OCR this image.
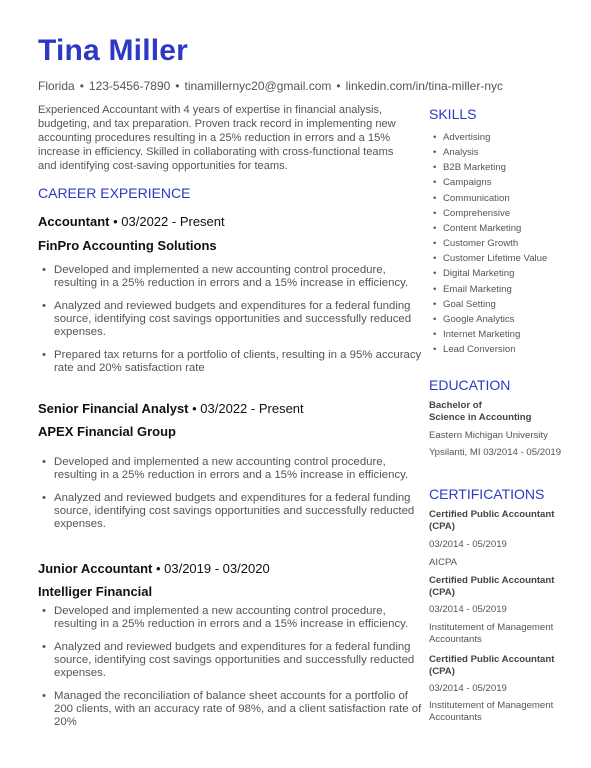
Tina Miller
Florida • 123-5456-7890 • tinamillernyc20@gmail.com • linkedin.com/in/tina-miller-nyc
Experienced Accountant with 4 years of expertise in financial analysis, budgeting, and tax preparation. Proven track record in implementing new accounting procedures resulting in a 25% reduction in errors and a 15% increase in efficiency. Skilled in collaborating with cross-functional teams and identifying cost-saving opportunities for teams.
CAREER EXPERIENCE
Accountant • 03/2022 - Present
FinPro Accounting Solutions
• Developed and implemented a new accounting control procedure, resulting in a 25% reduction in errors and a 15% increase in efficiency.
• Analyzed and reviewed budgets and expenditures for a federal funding source, identifying cost savings opportunities and successfully reduced expenses.
• Prepared tax returns for a portfolio of clients, resulting in a 95% accuracy rate and 20% satisfaction rate
Senior Financial Analyst • 03/2022 - Present
APEX Financial Group
• Developed and implemented a new accounting control procedure, resulting in a 25% reduction in errors and a 15% increase in efficiency.
• Analyzed and reviewed budgets and expenditures for a federal funding source, identifying cost savings opportunities and successfully reducted expenses.
Junior Accountant • 03/2019 - 03/2020
Intelliger Financial
• Developed and implemented a new accounting control procedure, resulting in a 25% reduction in errors and a 15% increase in efficiency.
• Analyzed and reviewed budgets and expenditures for a federal funding source, identifying cost savings opportunities and successfully reducted expenses.
• Managed the reconciliation of balance sheet accounts for a portfolio of 200 clients, with an accuracy rate of 98%, and a client satisfaction rate of 20%
SKILLS
• Advertising
• Analysis
• B2B Marketing
• Campaigns
• Communication
• Comprehensive
• Content Marketing
• Customer Growth
• Customer Lifetime Value
• Digital Marketing
• Email Marketing
• Goal Setting
• Google Analytics
• Internet Marketing
• Lead Conversion
EDUCATION
Bachelor of
Science in Accounting
Eastern Michigan University
Ypsilanti, MI 03/2014 - 05/2019
CERTIFICATIONS
Certified Public Accountant
(CPA)
03/2014 - 05/2019
AICPA
Certified Public Accountant
(CPA)
03/2014 - 05/2019
Institutement of Management
Accountants
Certified Public Accountant
(CPA)
03/2014 - 05/2019
Institutement of Management
Accountants
